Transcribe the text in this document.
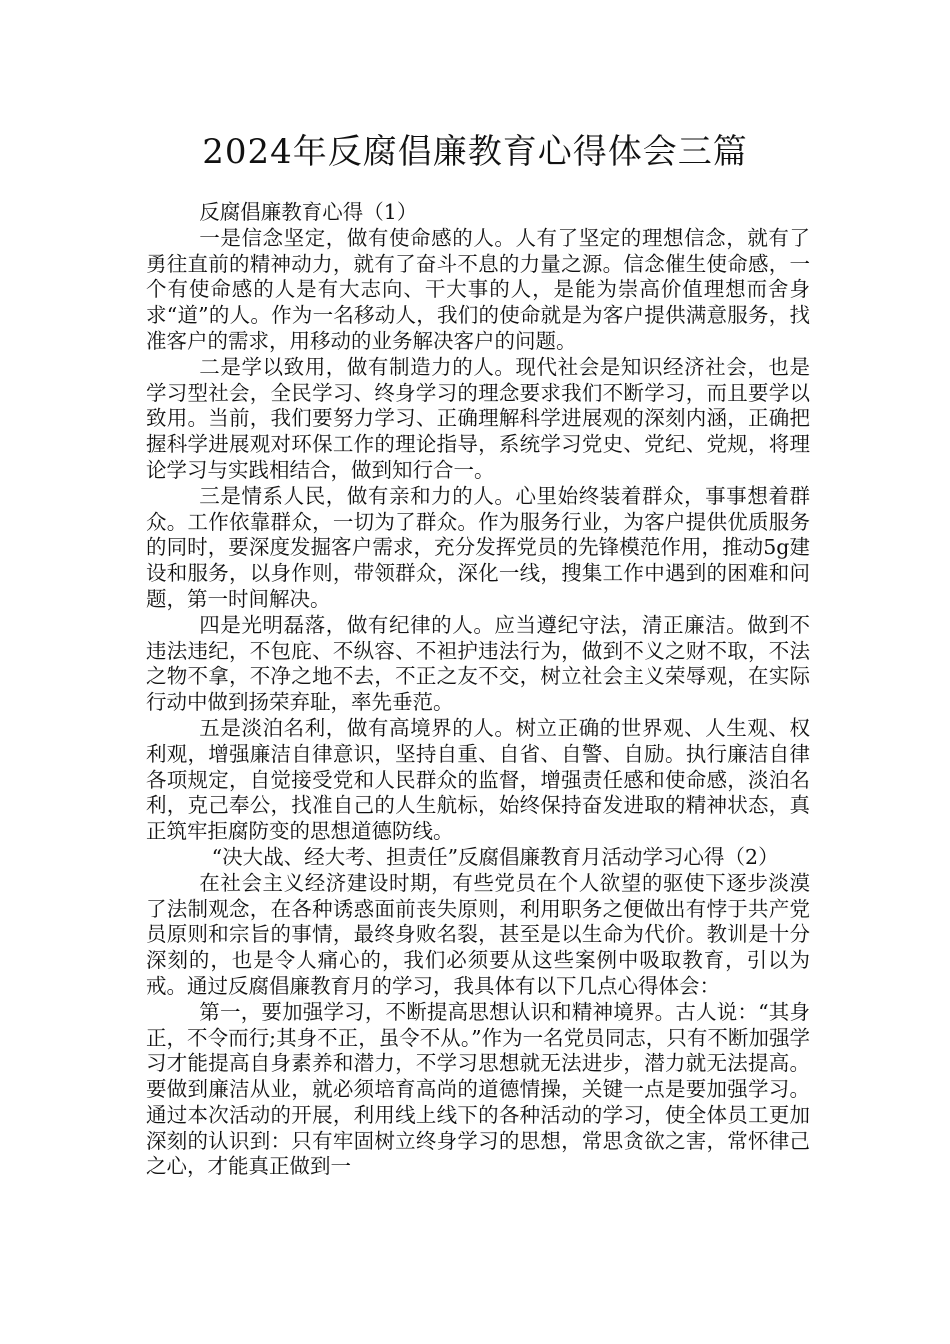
2024年反腐倡廉教育心得体会三篇

反腐倡廉教育心得（1）

一是信念坚定，做有使命感的人。人有了坚定的理想信念，就有了勇往直前的精神动力，就有了奋斗不息的力量之源。信念催生使命感，一个有使命感的人是有大志向、干大事的人，是能为崇高价值理想而舍身求“道”的人。作为一名移动人，我们的使命就是为客户提供满意服务，找准客户的需求，用移动的业务解决客户的问题。

二是学以致用，做有制造力的人。现代社会是知识经济社会，也是学习型社会，全民学习、终身学习的理念要求我们不断学习，而且要学以致用。当前，我们要努力学习、正确理解科学进展观的深刻内涵，正确把握科学进展观对环保工作的理论指导，系统学习党史、党纪、党规，将理论学习与实践相结合，做到知行合一。

三是情系人民，做有亲和力的人。心里始终装着群众，事事想着群众。工作依靠群众，一切为了群众。作为服务行业，为客户提供优质服务的同时，要深度发掘客户需求，充分发挥党员的先锋模范作用，推动5g建设和服务，以身作则，带领群众，深化一线，搜集工作中遇到的困难和问题，第一时间解决。

四是光明磊落，做有纪律的人。应当遵纪守法，清正廉洁。做到不违法违纪，不包庇、不纵容、不袒护违法行为，做到不义之财不取，不法之物不拿，不净之地不去，不正之友不交，树立社会主义荣辱观，在实际行动中做到扬荣弃耻，率先垂范。

五是淡泊名利，做有高境界的人。树立正确的世界观、人生观、权利观，增强廉洁自律意识，坚持自重、自省、自警、自励。执行廉洁自律各项规定，自觉接受党和人民群众的监督，增强责任感和使命感，淡泊名利，克己奉公，找准自己的人生航标，始终保持奋发进取的精神状态，真正筑牢拒腐防变的思想道德防线。

“决大战、经大考、担责任”反腐倡廉教育月活动学习心得（2）

在社会主义经济建设时期，有些党员在个人欲望的驱使下逐步淡漠了法制观念，在各种诱惑面前丧失原则，利用职务之便做出有悖于共产党员原则和宗旨的事情，最终身败名裂，甚至是以生命为代价。教训是十分深刻的，也是令人痛心的，我们必须要从这些案例中吸取教育，引以为戒。通过反腐倡廉教育月的学习，我具体有以下几点心得体会：

第一，要加强学习，不断提高思想认识和精神境界。古人说：“其身正，不令而行;其身不正，虽令不从。”作为一名党员同志，只有不断加强学习才能提高自身素养和潜力，不学习思想就无法进步，潜力就无法提高。要做到廉洁从业，就必须培育高尚的道德情操，关键一点是要加强学习。通过本次活动的开展，利用线上线下的各种活动的学习，使全体员工更加深刻的认识到：只有牢固树立终身学习的思想，常思贪欲之害，常怀律己之心，才能真正做到一
